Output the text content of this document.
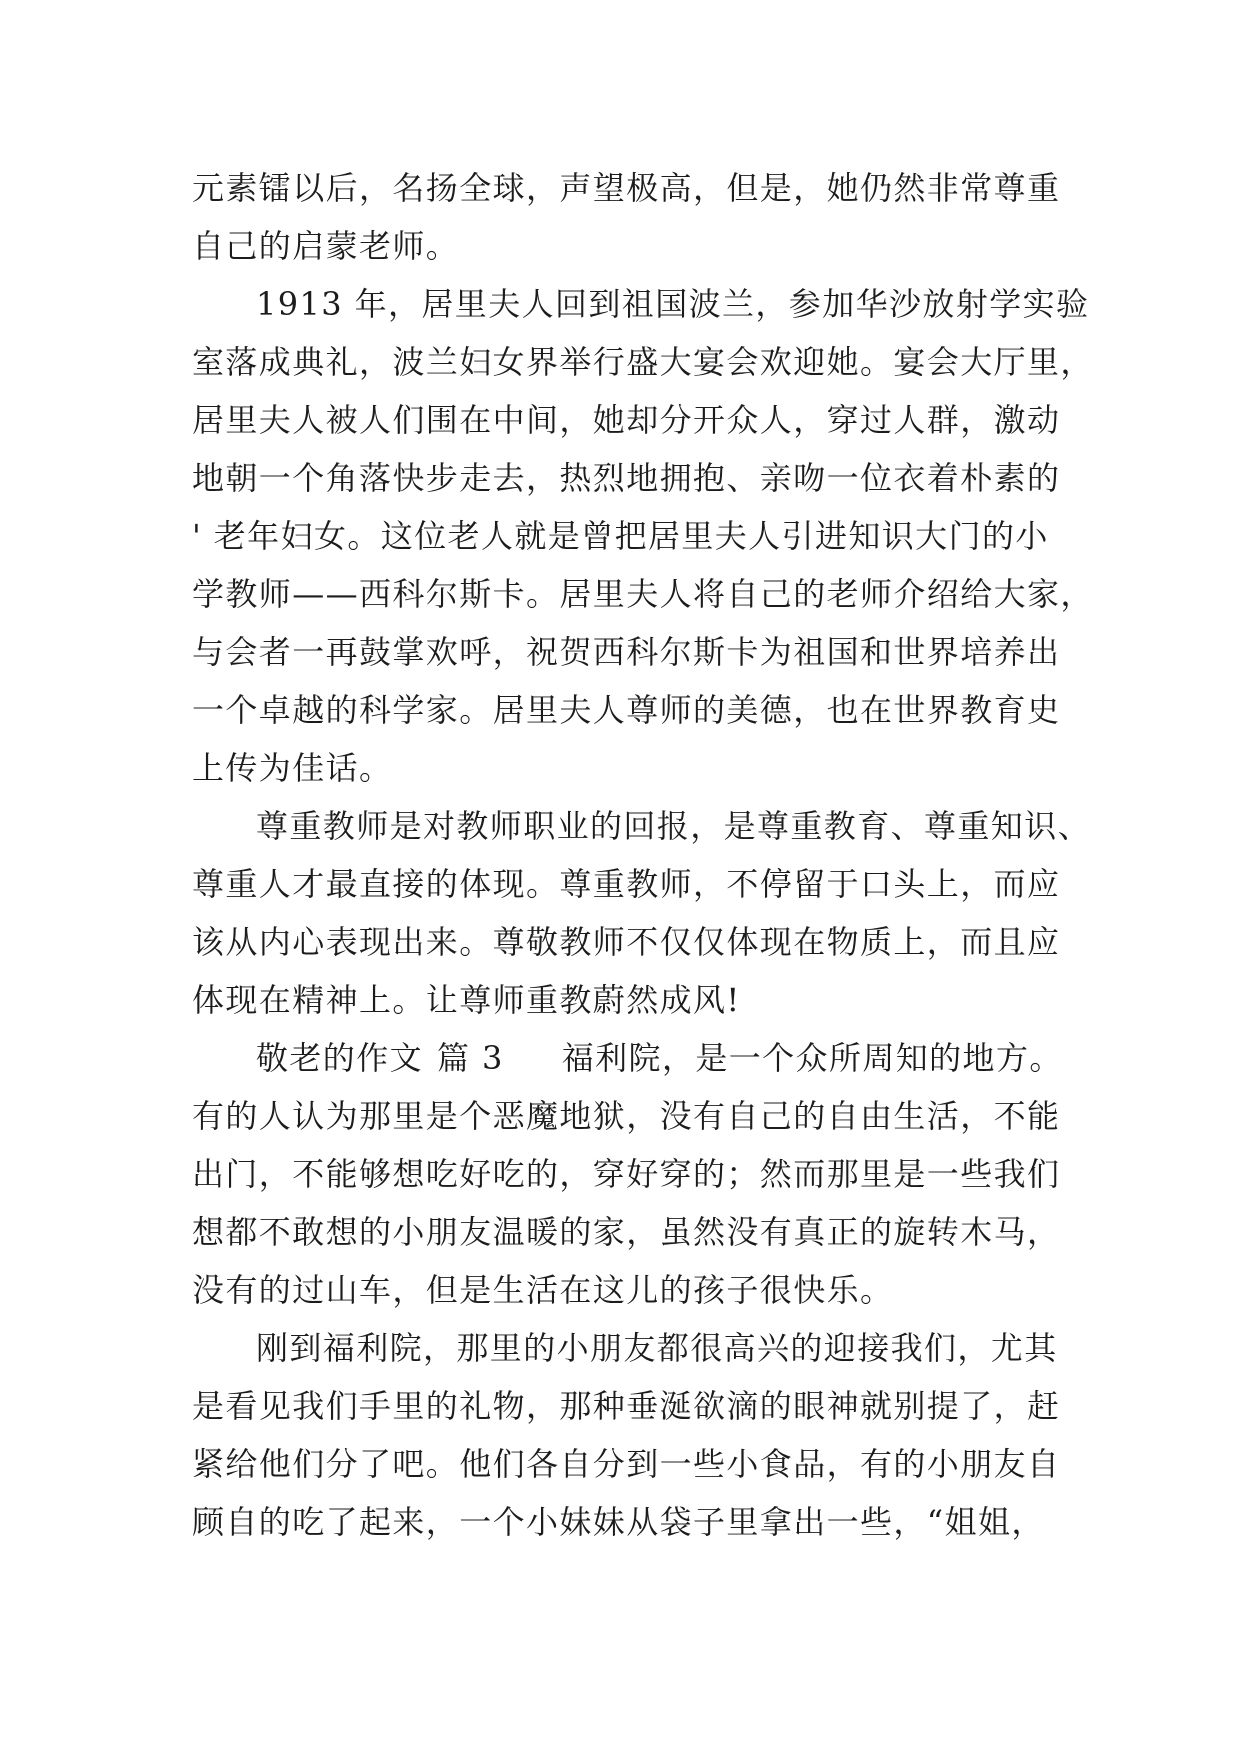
元素镭以后，名扬全球，声望极高，但是，她仍然非常尊重
自己的启蒙老师。
1913 年，居里夫人回到祖国波兰，参加华沙放射学实验
室落成典礼，波兰妇女界举行盛大宴会欢迎她。宴会大厅里，
居里夫人被人们围在中间，她却分开众人，穿过人群，激动
地朝一个角落快步走去，热烈地拥抱、亲吻一位衣着朴素的
' 老年妇女。这位老人就是曾把居里夫人引进知识大门的小
学教师——西科尔斯卡。居里夫人将自己的老师介绍给大家，
与会者一再鼓掌欢呼，祝贺西科尔斯卡为祖国和世界培养出
一个卓越的科学家。居里夫人尊师的美德，也在世界教育史
上传为佳话。
尊重教师是对教师职业的回报，是尊重教育、尊重知识、
尊重人才最直接的体现。尊重教师，不停留于口头上，而应
该从内心表现出来。尊敬教师不仅仅体现在物质上，而且应
体现在精神上。让尊师重教蔚然成风!
敬老的作文 篇 3 福利院，是一个众所周知的地方。
有的人认为那里是个恶魔地狱，没有自己的自由生活，不能
出门，不能够想吃好吃的，穿好穿的；然而那里是一些我们
想都不敢想的小朋友温暖的家，虽然没有真正的旋转木马，
没有的过山车，但是生活在这儿的孩子很快乐。
刚到福利院，那里的小朋友都很高兴的迎接我们，尤其
是看见我们手里的礼物，那种垂涎欲滴的眼神就别提了，赶
紧给他们分了吧。他们各自分到一些小食品，有的小朋友自
顾自的吃了起来，一个小妹妹从袋子里拿出一些，“姐姐，
